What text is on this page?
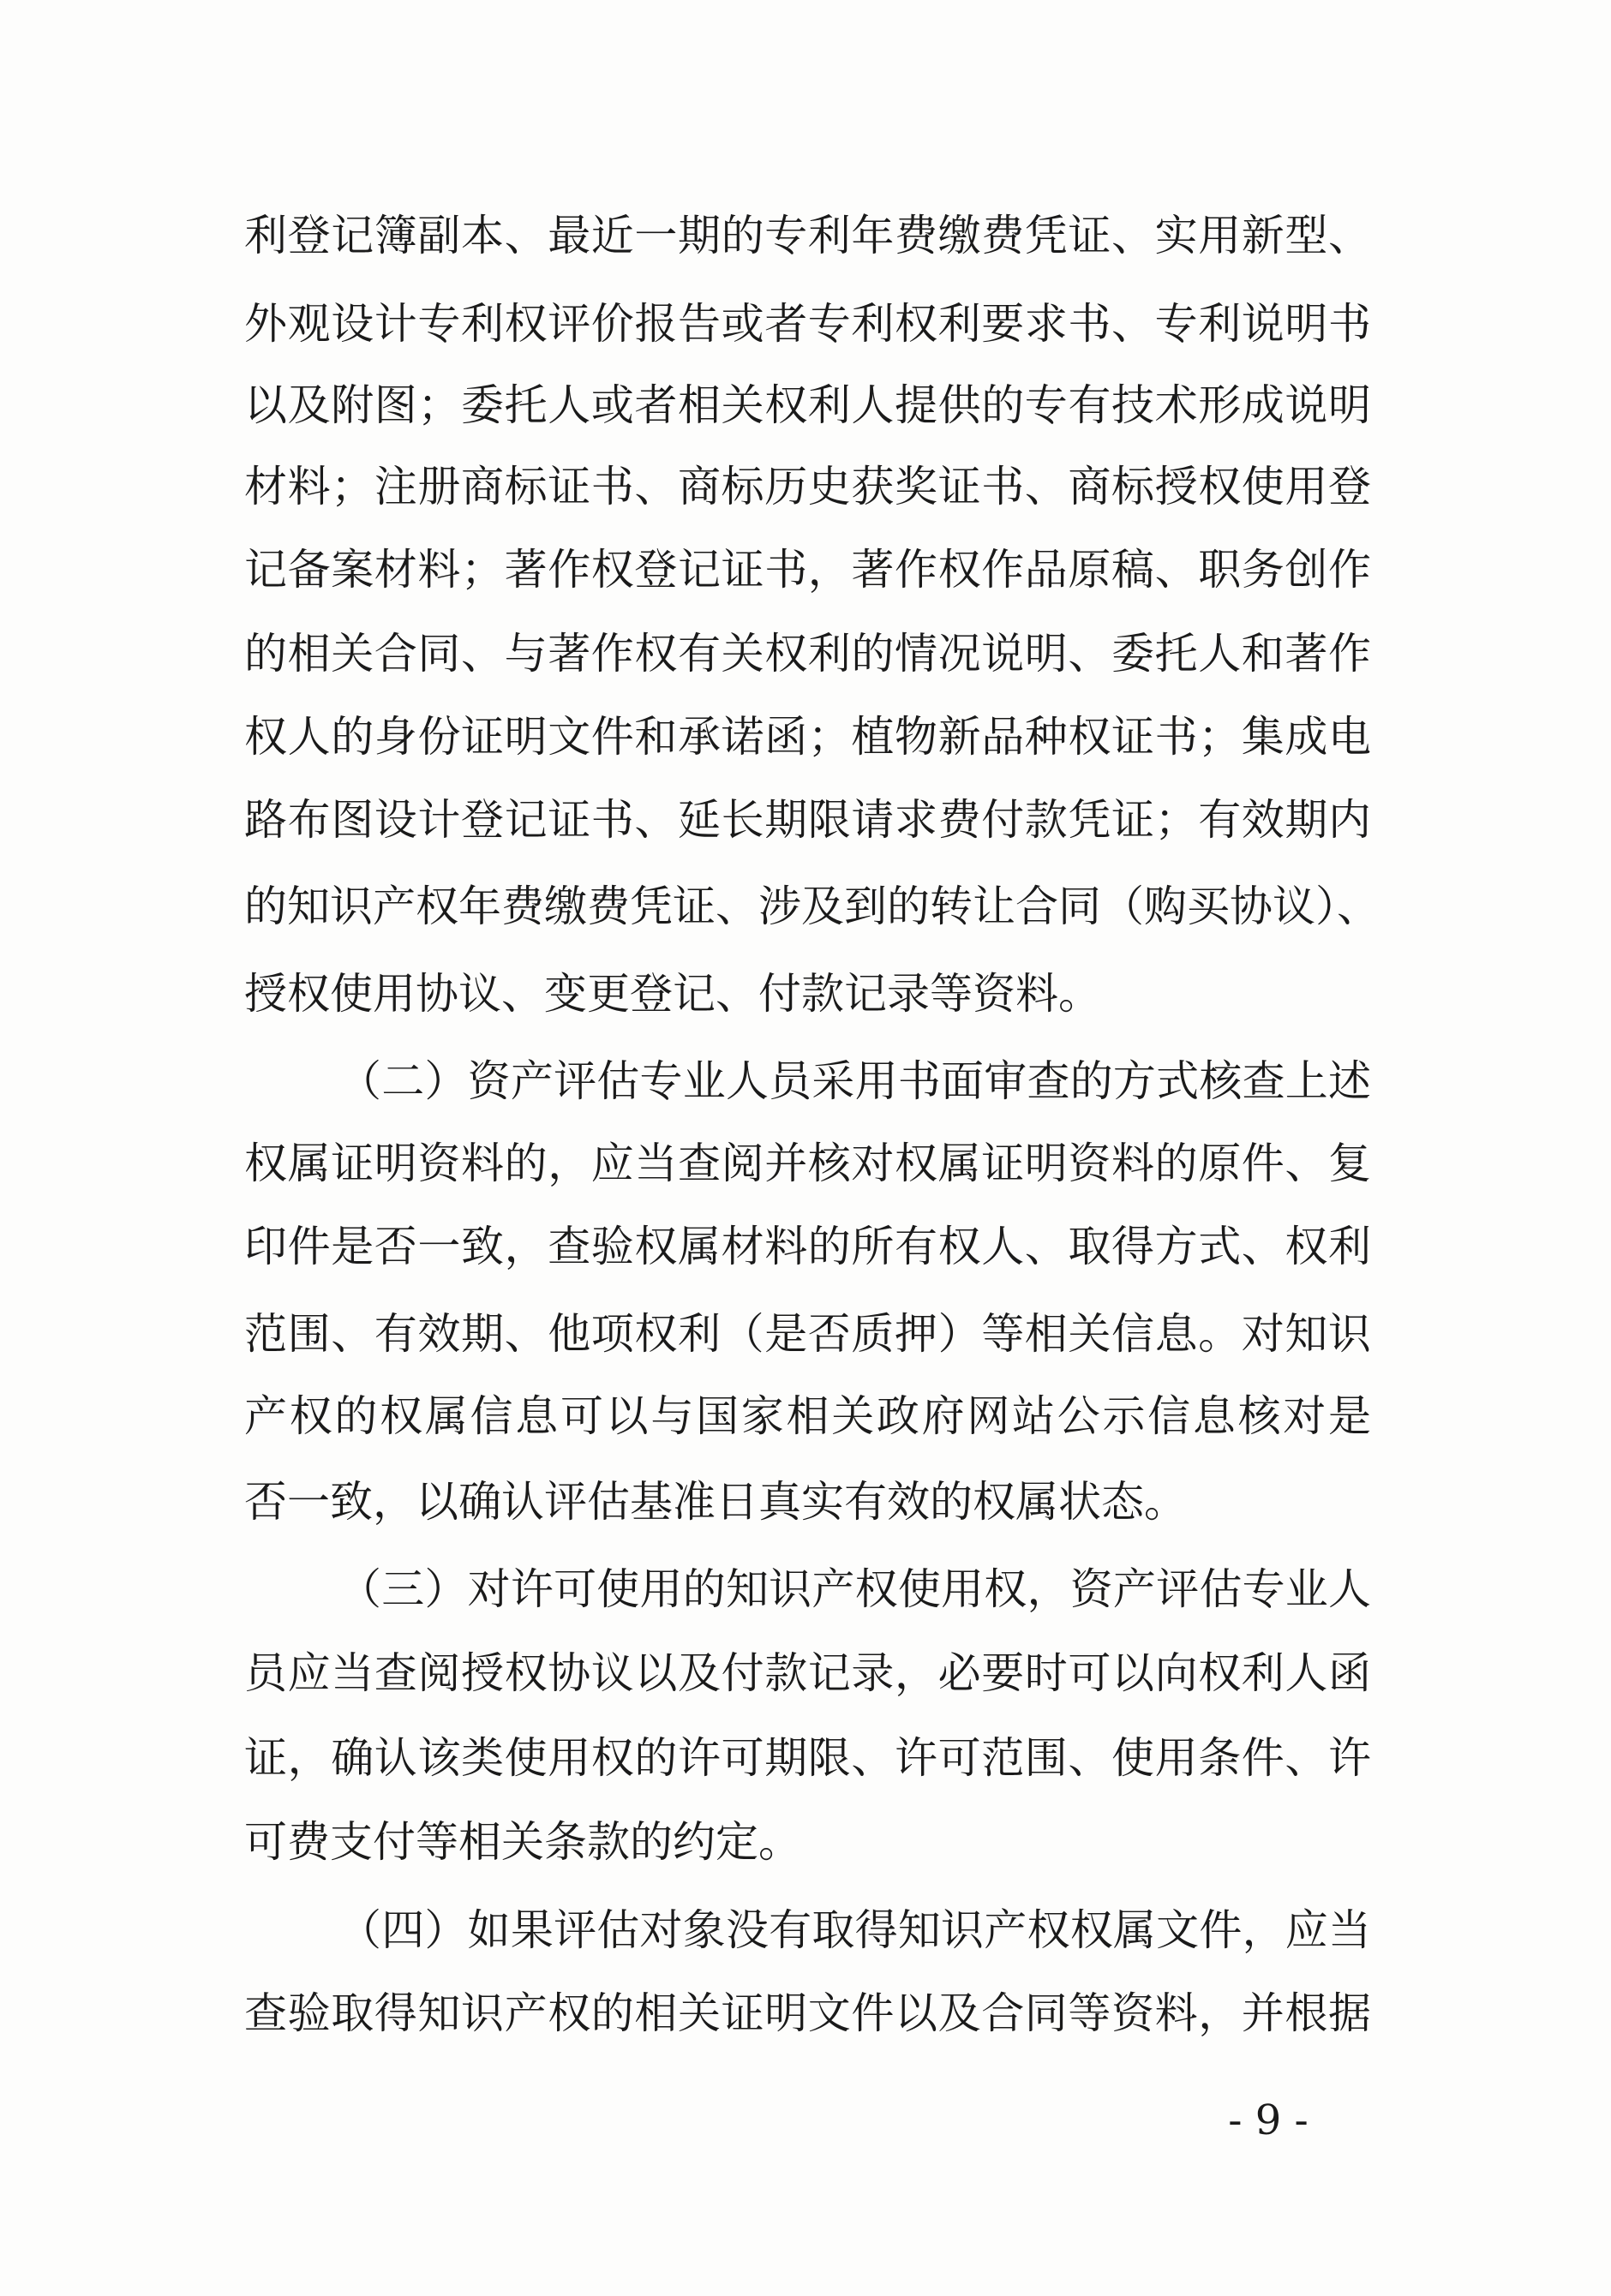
利登记簿副本、最近一期的专利年费缴费凭证、实用新型、
外观设计专利权评价报告或者专利权利要求书、专利说明书
以及附图；委托人或者相关权利人提供的专有技术形成说明
材料；注册商标证书、商标历史获奖证书、商标授权使用登
记备案材料；著作权登记证书，著作权作品原稿、职务创作
的相关合同、与著作权有关权利的情况说明、委托人和著作
权人的身份证明文件和承诺函；植物新品种权证书；集成电
路布图设计登记证书、延长期限请求费付款凭证；有效期内
的知识产权年费缴费凭证、涉及到的转让合同（购买协议）、
授权使用协议、变更登记、付款记录等资料。
（二）资产评估专业人员采用书面审查的方式核查上述
权属证明资料的，应当查阅并核对权属证明资料的原件、复
印件是否一致，查验权属材料的所有权人、取得方式、权利
范围、有效期、他项权利（是否质押）等相关信息。对知识
产权的权属信息可以与国家相关政府网站公示信息核对是
否一致，以确认评估基准日真实有效的权属状态。
（三）对许可使用的知识产权使用权，资产评估专业人
员应当查阅授权协议以及付款记录，必要时可以向权利人函
证，确认该类使用权的许可期限、许可范围、使用条件、许
可费支付等相关条款的约定。
（四）如果评估对象没有取得知识产权权属文件，应当
查验取得知识产权的相关证明文件以及合同等资料，并根据
- 9 -
